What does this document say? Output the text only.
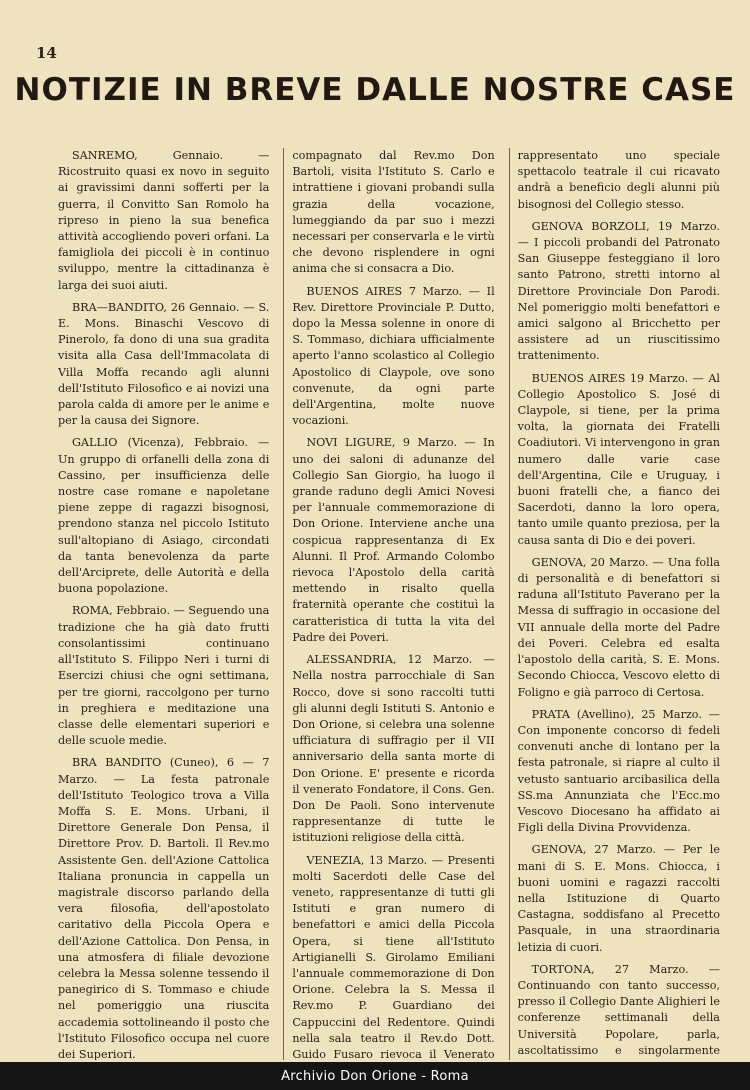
14
NOTIZIE IN BREVE DALLE NOSTRE CASE

SANREMO, Gennaio. — Ricostruito quasi ex novo in seguito ai gravissimi danni sofferti per la guerra, il Convitto San Romolo ha ripreso in pieno la sua benefica attività accogliendo poveri orfani. La famigliola dei piccoli è in continuo sviluppo, mentre la cittadinanza è larga dei suoi aiuti.

BRA—BANDITO, 26 Gennaio. — S. E. Mons. Binaschi Vescovo di Pinerolo, fa dono di una sua gradita visita alla Casa dell'Immacolata di Villa Moffa recando agli alunni dell'Istituto Filosofico e ai novizi una parola calda di amore per le anime e per la causa dei Signore.

GALLIO (Vicenza), Febbraio. — Un gruppo di orfanelli della zona di Cassino, per insufficienza delle nostre case romane e napoletane piene zeppe di ragazzi bisognosi, prendono stanza nel piccolo Istituto sull'altopiano di Asiago, circondati da tanta benevolenza da parte dell'Arciprete, delle Autorità e della buona popolazione.

ROMA, Febbraio. — Seguendo una tradizione che ha già dato frutti consolantissimi continuano all'Istituto S. Filippo Neri i turni di Esercizi chiusi che ogni settimana, per tre giorni, raccolgono per turno in preghiera e meditazione una classe delle elementari superiori e delle scuole medie.

BRA BANDITO (Cuneo), 6 — 7 Marzo. — La festa patronale dell'Istituto Teologico trova a Villa Moffa S. E. Mons. Urbani, il Direttore Generale Don Pensa, il Direttore Prov. D. Bartoli. Il Rev.mo Assistente Gen. dell'Azione Cattolica Italiana pronuncia in cappella un magistrale discorso parlando della vera filosofia, dell'apostolato caritativo della Piccola Opera e dell'Azione Cattolica. Don Pensa, in una atmosfera di filiale devozione celebra la Messa solenne tessendo il panegirico di S. Tommaso e chiude nel pomeriggio una riuscita accademia sottolineando il posto che l'Istituto Filosofico occupa nel cuore dei Superiori.

compagnato dal Rev.mo Don Bartoli, visita l'Istituto S. Carlo e intrattiene i giovani probandi sulla grazia della vocazione, lumeggiando da par suo i mezzi necessari per conservarla e le virtù che devono risplendere in ogni anima che si consacra a Dio.

BUENOS AIRES 7 Marzo. — Il Rev. Direttore Provinciale P. Dutto, dopo la Messa solenne in onore di S. Tommaso, dichiara ufficialmente aperto l'anno scolastico al Collegio Apostolico di Claypole, ove sono convenute, da ogni parte dell'Argentina, molte nuove vocazioni.

NOVI LIGURE, 9 Marzo. — In uno dei saloni di adunanze del Collegio San Giorgio, ha luogo il grande raduno degli Amici Novesi per l'annuale commemorazione di Don Orione. Interviene anche una cospicua rappresentanza di Ex Alunni. Il Prof. Armando Colombo rievoca l'Apostolo della carità mettendo in risalto quella fraternità operante che costituì la caratteristica di tutta la vita del Padre dei Poveri.

ALESSANDRIA, 12 Marzo. — Nella nostra parrocchiale di San Rocco, dove si sono raccolti tutti gli alunni degli Istituti S. Antonio e Don Orione, si celebra una solenne ufficiatura di suffragio per il VII anniversario della santa morte di Don Orione. E' presente e ricorda il venerato Fondatore, il Cons. Gen. Don De Paoli. Sono intervenute rappresentanze di tutte le istituzioni religiose della città.

VENEZIA, 13 Marzo. — Presenti molti Sacerdoti delle Case del veneto, rappresentanze di tutti gli Istituti e gran numero di benefattori e amici della Piccola Opera, si tiene all'Istituto Artigianelli S. Girolamo Emiliani l'annuale commemorazione di Don Orione. Celebra la S. Messa il Rev.mo P. Guardiano dei Cappuccini del Redentore. Quindi nella sala teatro il Rev.do Dott. Guido Fusaro rievoca il Venerato

rappresentato uno speciale spettacolo teatrale il cui ricavato andrà a beneficio degli alunni più bisognosi del Collegio stesso.

GENOVA BORZOLI, 19 Marzo. — I piccoli probandi del Patronato San Giuseppe festeggiano il loro santo Patrono, stretti intorno al Direttore Provinciale Don Parodi. Nel pomeriggio molti benefattori e amici salgono al Bricchetto per assistere ad un riuscitissimo trattenimento.

BUENOS AIRES 19 Marzo. — Al Collegio Apostolico S. José di Claypole, si tiene, per la prima volta, la giornata dei Fratelli Coadiutori. Vi intervengono in gran numero dalle varie case dell'Argentina, Cile e Uruguay, i buoni fratelli che, a fianco dei Sacerdoti, danno la loro opera, tanto umile quanto preziosa, per la causa santa di Dio e dei poveri.

GENOVA, 20 Marzo. — Una folla di personalità e di benefattori si raduna all'Istituto Paverano per la Messa di suffragio in occasione del VII annuale della morte del Padre dei Poveri. Celebra ed esalta l'apostolo della carità, S. E. Mons. Secondo Chiocca, Vescovo eletto di Foligno e già parroco di Certosa.

PRATA (Avellino), 25 Marzo. — Con imponente concorso di fedeli convenuti anche di lontano per la festa patronale, si riapre al culto il vetusto santuario arcibasilica della SS.ma Annunziata che l'Ecc.mo Vescovo Diocesano ha affidato ai Figli della Divina Provvidenza.

GENOVA, 27 Marzo. — Per le mani di S. E. Mons. Chiocca, i buoni uomini e ragazzi raccolti nella Istituzione di Quarto Castagna, soddisfano al Precetto Pasquale, in una straordinaria letizia di cuori.

TORTONA, 27 Marzo. — Continuando con tanto successo, presso il Collegio Dante Alighieri le conferenze settimanali della Università Popolare, parla, ascoltatissimo e singolarmente

Archivio Don Orione - Roma
